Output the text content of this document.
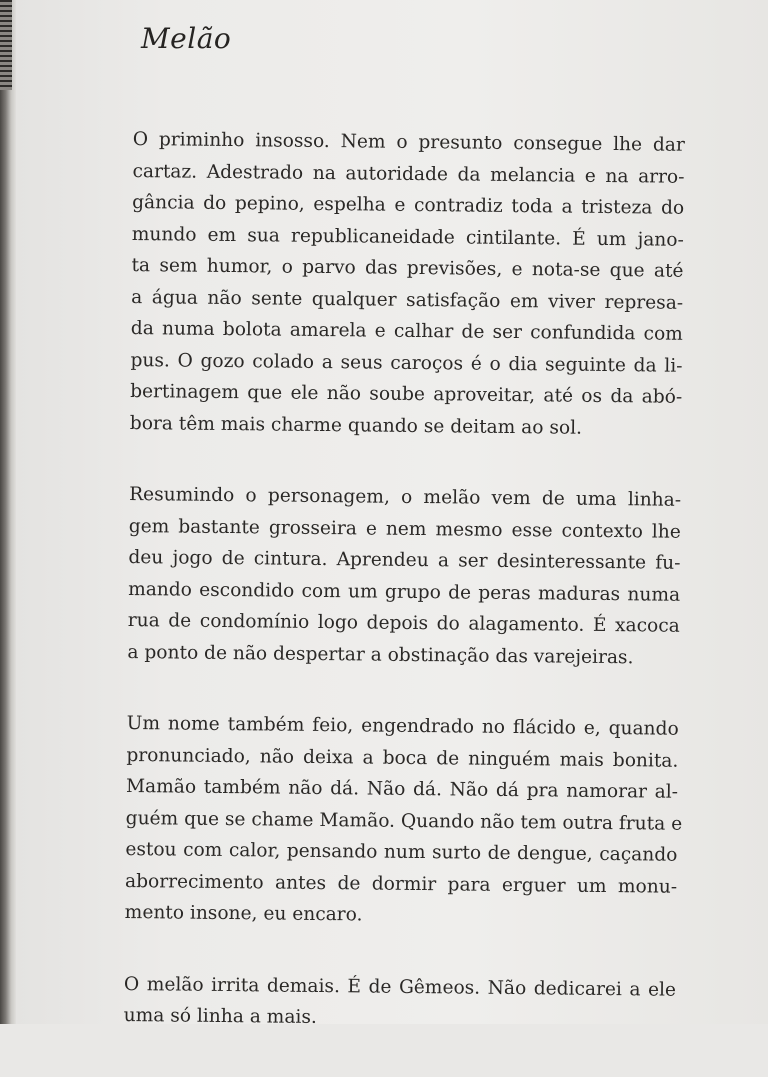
Melão

O priminho insosso. Nem o presunto consegue lhe dar
cartaz. Adestrado na autoridade da melancia e na arro-
gância do pepino, espelha e contradiz toda a tristeza do
mundo em sua republicaneidade cintilante. É um jano-
ta sem humor, o parvo das previsões, e nota-se que até
a água não sente qualquer satisfação em viver represa-
da numa bolota amarela e calhar de ser confundida com
pus. O gozo colado a seus caroços é o dia seguinte da li-
bertinagem que ele não soube aproveitar, até os da abó-
bora têm mais charme quando se deitam ao sol.

Resumindo o personagem, o melão vem de uma linha-
gem bastante grosseira e nem mesmo esse contexto lhe
deu jogo de cintura. Aprendeu a ser desinteressante fu-
mando escondido com um grupo de peras maduras numa
rua de condomínio logo depois do alagamento. É xacoca
a ponto de não despertar a obstinação das varejeiras.

Um nome também feio, engendrado no flácido e, quando
pronunciado, não deixa a boca de ninguém mais bonita.
Mamão também não dá. Não dá. Não dá pra namorar al-
guém que se chame Mamão. Quando não tem outra fruta e
estou com calor, pensando num surto de dengue, caçando
aborrecimento antes de dormir para erguer um monu-
mento insone, eu encaro.

O melão irrita demais. É de Gêmeos. Não dedicarei a ele
uma só linha a mais.
